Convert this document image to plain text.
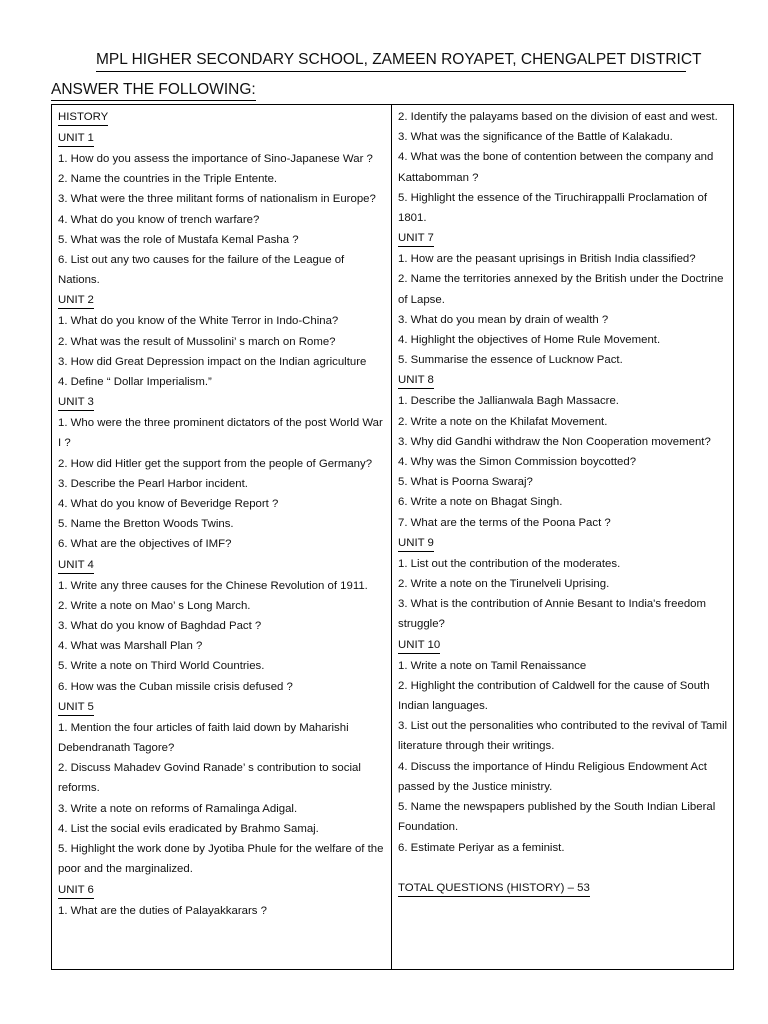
MPL HIGHER SECONDARY SCHOOL, ZAMEEN ROYAPET, CHENGALPET DISTRICT
ANSWER THE FOLLOWING:
HISTORY
UNIT 1
1. How do you assess the importance of Sino-Japanese War ?
2. Name the countries in the Triple Entente.
3. What were the three militant forms of nationalism in Europe?
4. What do you know of trench warfare?
5. What was the role of Mustafa Kemal Pasha ?
6. List out any two causes for the failure of the League of Nations.
UNIT 2
1. What do you know of the White Terror in Indo-China?
2. What was the result of Mussolini’ s march on Rome?
3. How did Great Depression impact on the Indian agriculture
4. Define “ Dollar Imperialism.”
UNIT 3
1. Who were the three prominent dictators of the post World War I ?
2. How did Hitler get the support from the people of Germany?
3. Describe the Pearl Harbor incident.
4. What do you know of Beveridge Report ?
5. Name the Bretton Woods Twins.
6. What are the objectives of IMF?
UNIT 4
1. Write any three causes for the Chinese Revolution of 1911.
2. Write a note on Mao’ s Long March.
3. What do you know of Baghdad Pact ?
4. What was Marshall Plan ?
5. Write a note on Third World Countries.
6. How was the Cuban missile crisis defused ?
UNIT 5
1. Mention the four articles of faith laid down by Maharishi Debendranath Tagore?
2. Discuss Mahadev Govind Ranade’ s contribution to social reforms.
3. Write a note on reforms of Ramalinga Adigal.
4. List the social evils eradicated by Brahmo Samaj.
5. Highlight the work done by Jyotiba Phule for the welfare of the poor and the marginalized.
UNIT 6
1. What are the duties of Palayakkarars ?
2. Identify the palayams based on the division of east and west.
3. What was the significance of the Battle of Kalakadu.
4. What was the bone of contention between the company and Kattabomman ?
5. Highlight the essence of the Tiruchirappalli Proclamation of 1801.
UNIT 7
1. How are the peasant uprisings in British India classified?
2. Name the territories annexed by the British under the Doctrine of Lapse.
3. What do you mean by drain of wealth ?
4. Highlight the objectives of Home Rule Movement.
5. Summarise the essence of Lucknow Pact.
UNIT 8
1. Describe the Jallianwala Bagh Massacre.
2. Write a note on the Khilafat Movement.
3. Why did Gandhi withdraw the Non Cooperation movement?
4. Why was the Simon Commission boycotted?
5. What is Poorna Swaraj?
6. Write a note on Bhagat Singh.
7. What are the terms of the Poona Pact ?
UNIT 9
1. List out the contribution of the moderates.
2. Write a note on the Tirunelveli Uprising.
3. What is the contribution of Annie Besant to India's freedom struggle?
UNIT 10
1. Write a note on Tamil Renaissance
2. Highlight the contribution of Caldwell for the cause of South Indian languages.
3. List out the personalities who contributed to the revival of Tamil literature through their writings.
4. Discuss the importance of Hindu Religious Endowment Act passed by the Justice ministry.
5. Name the newspapers published by the South Indian Liberal Foundation.
6. Estimate Periyar as a feminist.
TOTAL QUESTIONS (HISTORY) – 53
